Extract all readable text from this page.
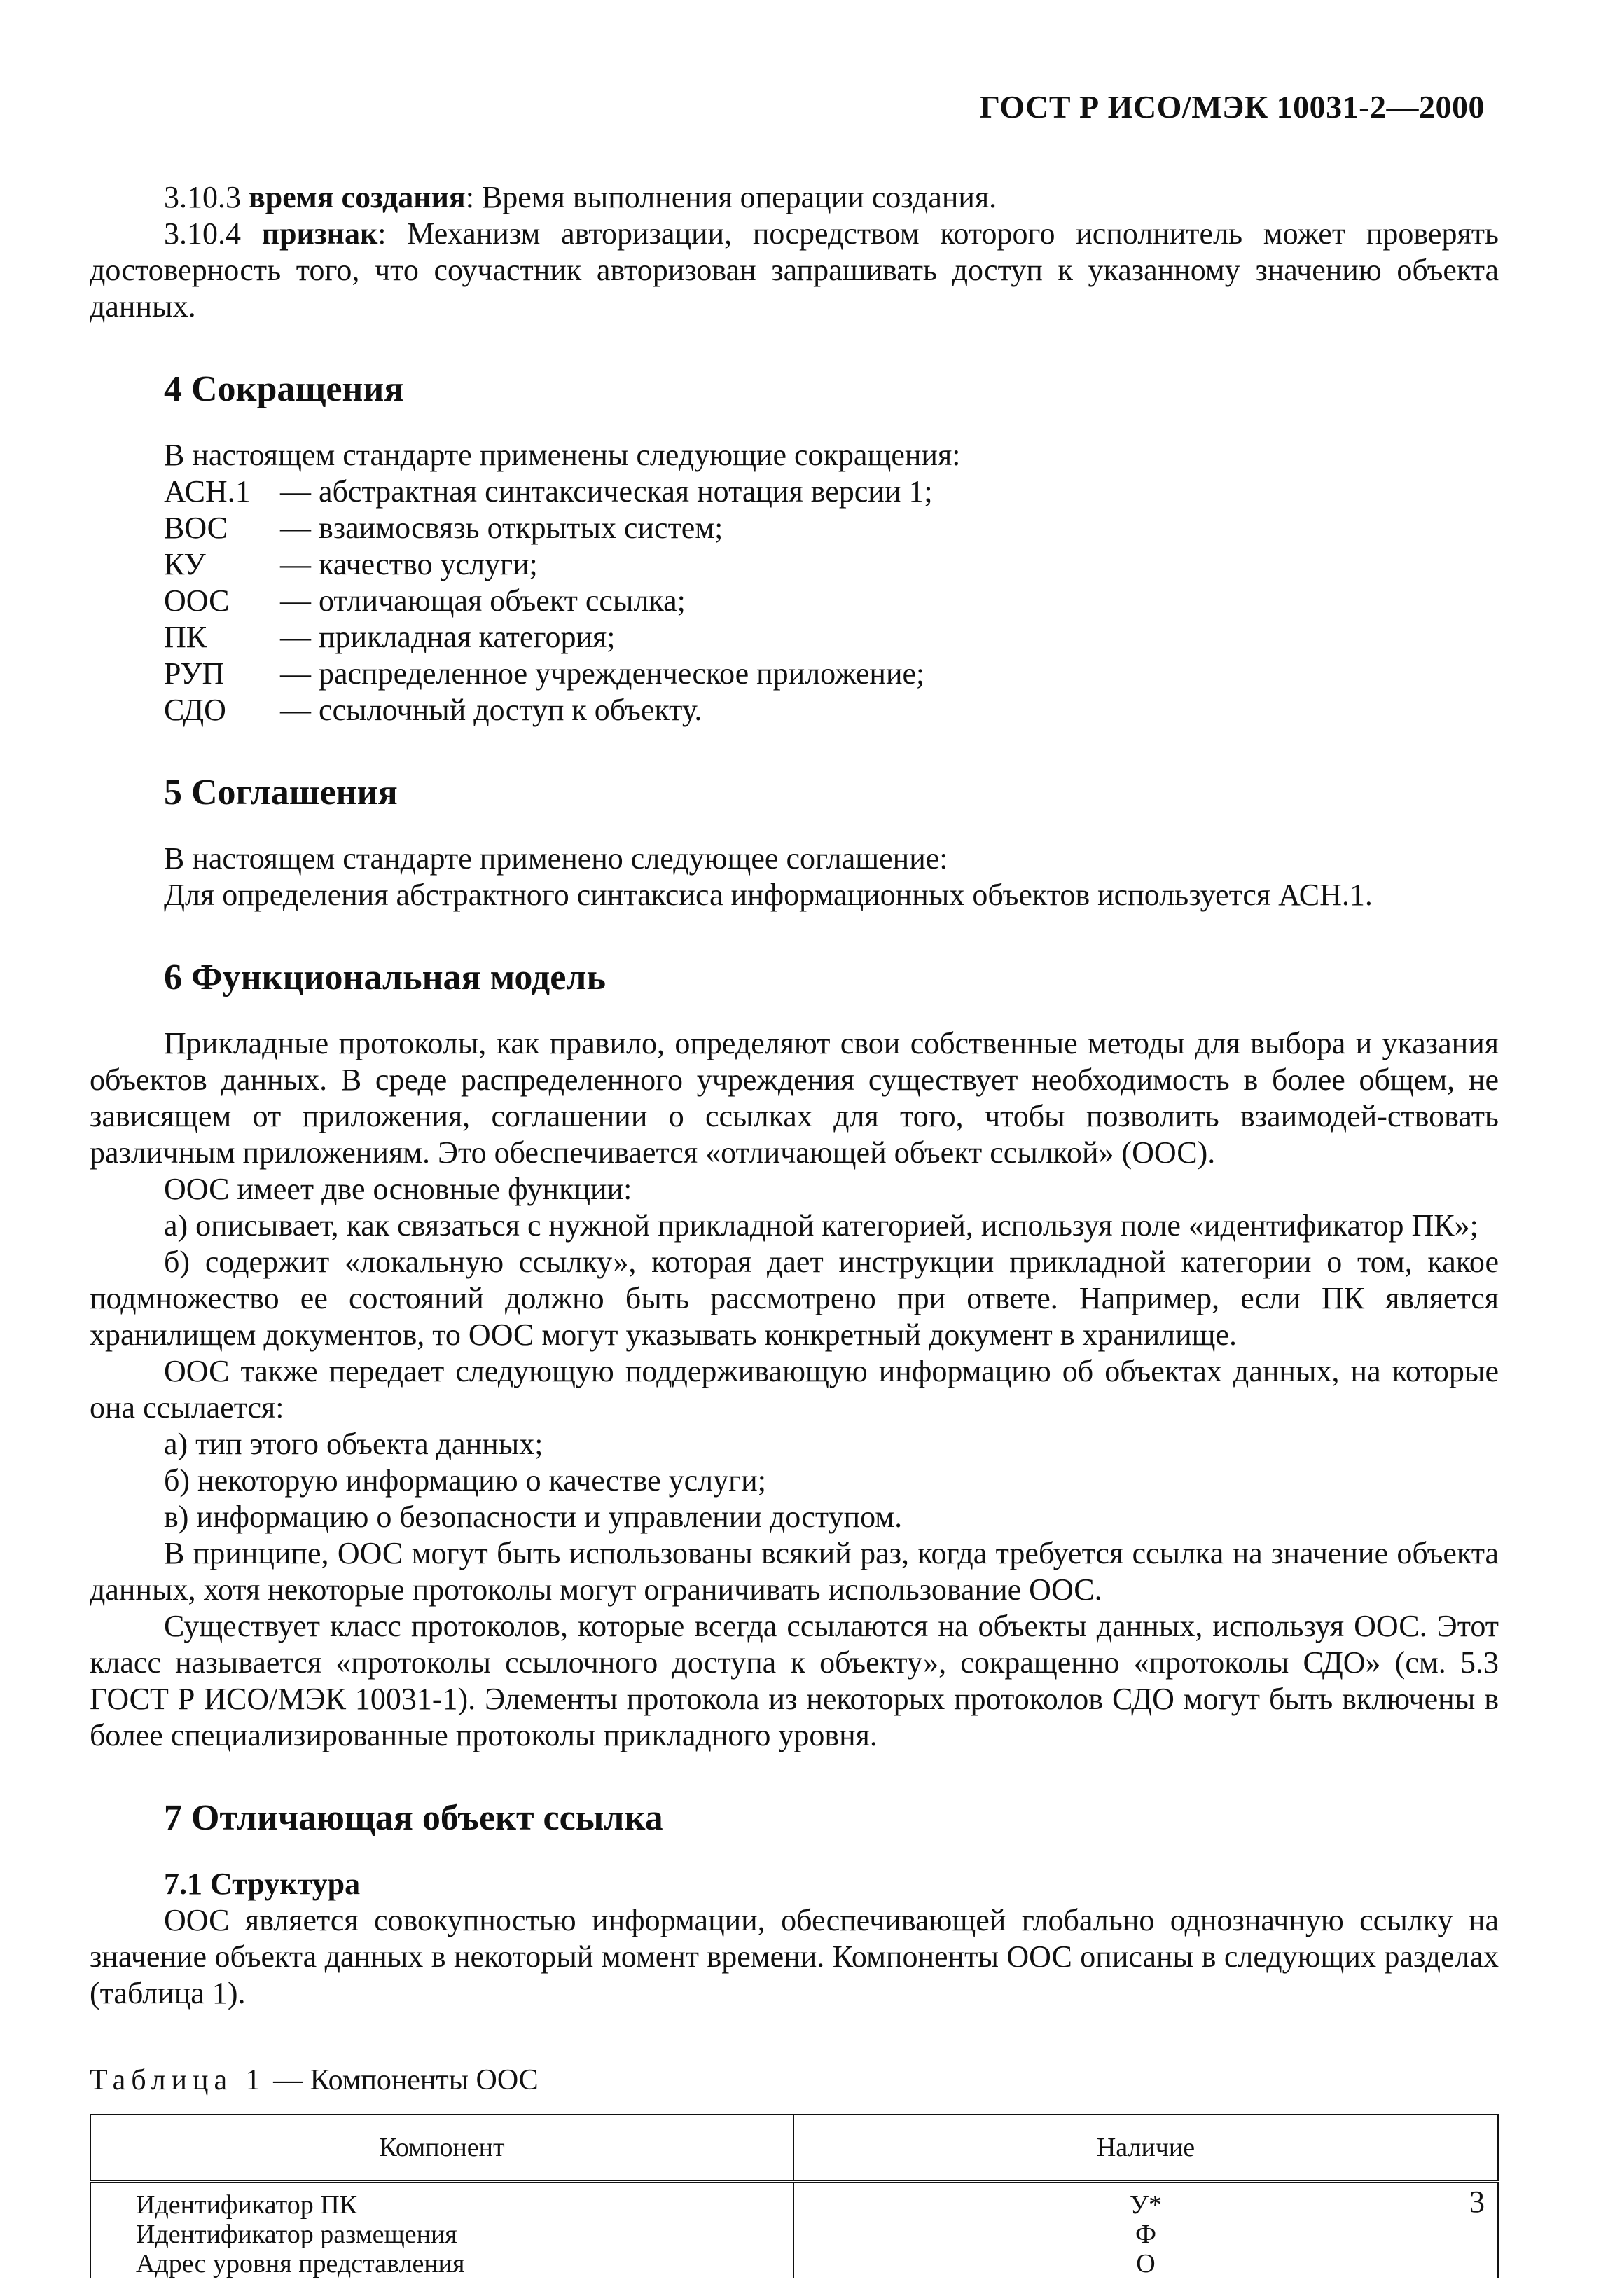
ГОСТ Р ИСО/МЭК 10031-2—2000

3.10.3 время создания: Время выполнения операции создания.

3.10.4 признак: Механизм авторизации, посредством которого исполнитель может проверять достоверность того, что соучастник авторизован запрашивать доступ к указанному значению объекта данных.

4 Сокращения

В настоящем стандарте применены следующие сокращения:

АСН.1 — абстрактная синтаксическая нотация версии 1;
ВОС	— взаимосвязь открытых систем;
КУ	— качество услуги;
ООС	— отличающая объект ссылка;
ПК	— прикладная категория;
РУП	— распределенное учрежденческое приложение;
СДО	— ссылочный доступ к объекту.
5 Соглашения

В настоящем стандарте применено следующее соглашение:

Для определения абстрактного синтаксиса информационных объектов используется АСН.1.

6 Функциональная модель

Прикладные протоколы, как правило, определяют свои собственные методы для выбора и указания объектов данных. В среде распределенного учреждения существует необходимость в более общем, не зависящем от приложения, соглашении о ссылках для того, чтобы позволить взаимодей-ствовать различным приложениям. Это обеспечивается «отличающей объект ссылкой» (ООС).

ООС имеет две основные функции:

а) описывает, как связаться с нужной прикладной категорией, используя поле «идентификатор ПК»;

б) содержит «локальную ссылку», которая дает инструкции прикладной категории о том, какое подмножество ее состояний должно быть рассмотрено при ответе. Например, если ПК является хранилищем документов, то ООС могут указывать конкретный документ в хранилище.

ООС также передает следующую поддерживающую информацию об объектах данных, на которые она ссылается:

а) тип этого объекта данных;

б) некоторую информацию о качестве услуги;

в) информацию о безопасности и управлении доступом.

В принципе, ООС могут быть использованы всякий раз, когда требуется ссылка на значение объекта данных, хотя некоторые протоколы могут ограничивать использование ООС.

Существует класс протоколов, которые всегда ссылаются на объекты данных, используя ООС. Этот класс называется «протоколы ссылочного доступа к объекту», сокращенно «протоколы СДО» (см. 5.3 ГОСТ Р ИСО/МЭК 10031-1). Элементы протокола из некоторых протоколов СДО могут быть включены в более специализированные протоколы прикладного уровня.

7 Отличающая объект ссылка
7.1 Структура

ООС является совокупностью информации, обеспечивающей глобально однозначную ссылку на значение объекта данных в некоторый момент времени. Компоненты ООС описаны в следующих разделах (таблица 1).

Таблица 1 — Компоненты ООС
Компонент	Наличие
Идентификатор ПК	У*
Идентификатор размещения	Ф
Адрес уровня представления	О
3
